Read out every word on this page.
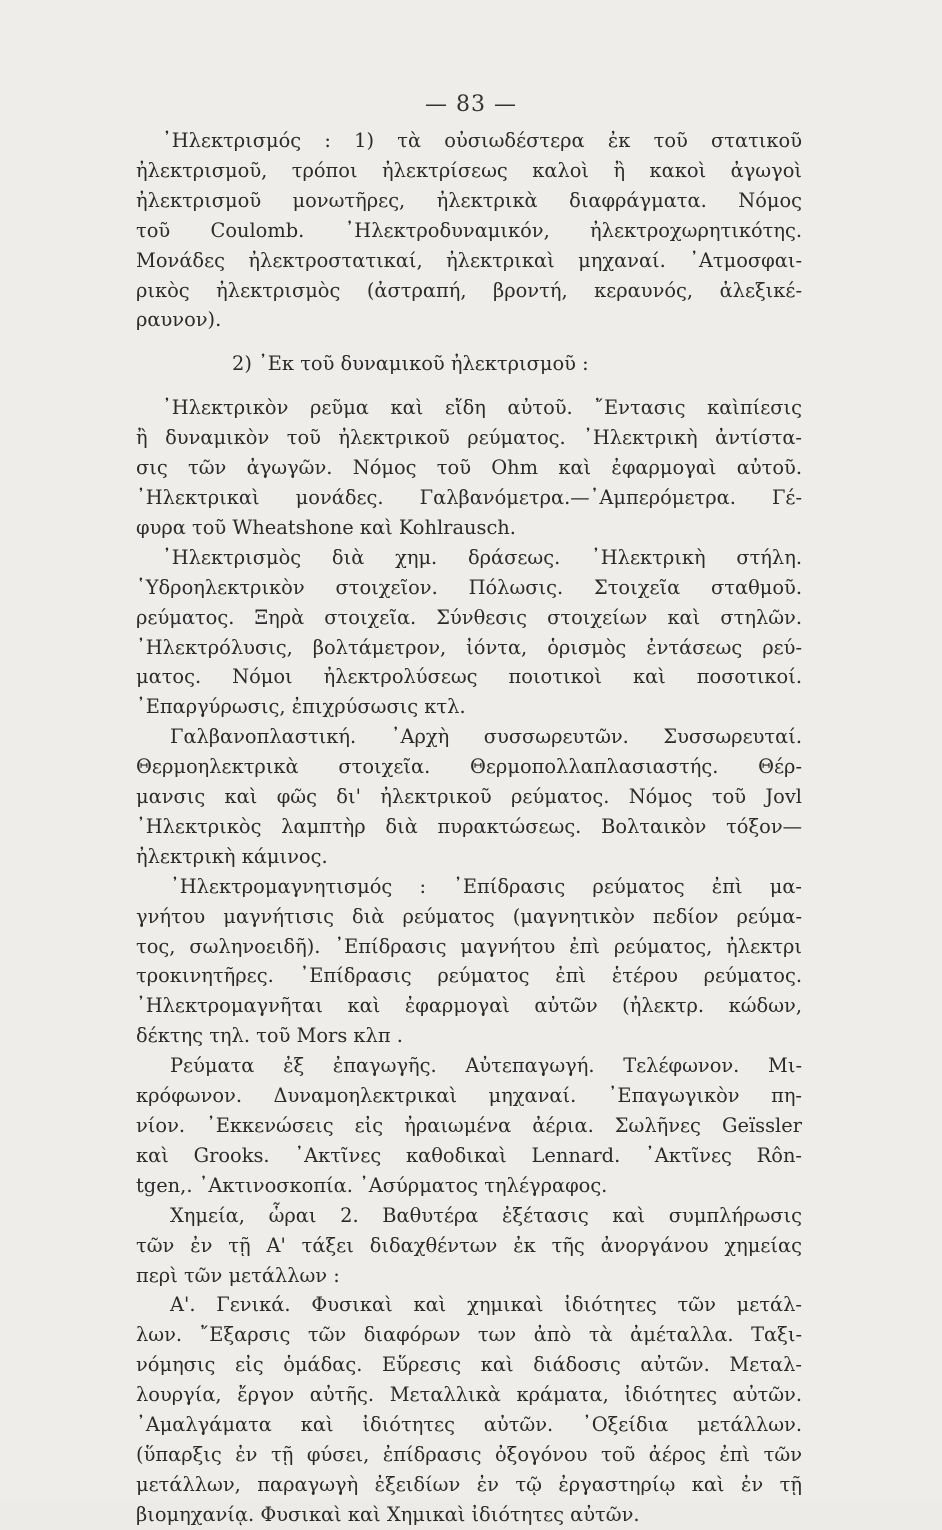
— 83 —
᾿Ηλεκτρισμός : 1) τὰ οὐσιωδέστερα ἐκ τοῦ στατικοῦ
ἠλεκτρισμοῦ, τρόποι ἠλεκτρίσεως καλοὶ ἢ κακοὶ ἀγωγοὶ
ἠλεκτρισμοῦ μονωτῆρες, ἠλεκτρικὰ διαφράγματα. Νόμος
τοῦ Coulomb. ᾿Ηλεκτροδυναμικόν, ἠλεκτροχωρητικότης.
Μονάδες ἠλεκτροστατικαί, ἠλεκτρικαὶ μηχαναί. ᾿Ατμοσφαι-
ρικὸς ἠλεκτρισμὸς (ἀστραπή, βροντή, κεραυνός, ἀλεξικέ-
ραυνον).
2) ᾿Εκ τοῦ δυναμικοῦ ἠλεκτρισμοῦ :
᾿Ηλεκτρικὸν ρεῦμα καὶ εἴδη αὐτοῦ. ῎Εντασις καὶπίεσις
ἢ δυναμικὸν τοῦ ἠλεκτρικοῦ ρεύματος. ᾿Ηλεκτρικὴ ἀντίστα-
σις τῶν ἀγωγῶν. Νόμος τοῦ Ohm καὶ ἐφαρμογαὶ αὐτοῦ.
᾿Ηλεκτρικαὶ μονάδες. Γαλβανόμετρα.—᾿Αμπερόμετρα. Γέ-
φυρα τοῦ Wheatshone καὶ Kohlrausch.
᾿Ηλεκτρισμὸς διὰ χημ. δράσεως. ᾿Ηλεκτρικὴ στήλη.
῾Υδροηλεκτρικὸν στοιχεῖον. Πόλωσις. Στοιχεῖα σταθμοῦ.
ρεύματος. Ξηρὰ στοιχεῖα. Σύνθεσις στοιχείων καὶ στηλῶν.
᾿Ηλεκτρόλυσις, βολτάμετρον, ἰόντα, ὁρισμὸς ἐντάσεως ρεύ-
ματος. Νόμοι ἠλεκτρολύσεως ποιοτικοὶ καὶ ποσοτικοί.
᾿Επαργύρωσις, ἐπιχρύσωσις κτλ.
Γαλβανοπλαστική. ᾿Αρχὴ συσσωρευτῶν. Συσσωρευταί.
Θερμοηλεκτρικὰ στοιχεῖα. Θερμοπολλαπλασιαστής. Θέρ-
μανσις καὶ φῶς δι' ἠλεκτρικοῦ ρεύματος. Νόμος τοῦ Jovl
᾿Ηλεκτρικὸς λαμπτὴρ διὰ πυρακτώσεως. Βολταικὸν τόξον—
ἠλεκτρικὴ κάμινος.
᾿Ηλεκτρομαγνητισμός : ᾿Επίδρασις ρεύματος ἐπὶ μα-
γνήτου μαγνήτισις διὰ ρεύματος (μαγνητικὸν πεδίον ρεύμα-
τος, σωληνοειδῆ). ᾿Επίδρασις μαγνήτου ἐπὶ ρεύματος, ἠλεκτρι
τροκινητῆρες. ᾿Επίδρασις ρεύματος ἐπὶ ἑτέρου ρεύματος.
᾿Ηλεκτρομαγνῆται καὶ ἐφαρμογαὶ αὐτῶν (ἠλεκτρ. κώδων,
δέκτης τηλ. τοῦ Mors κλπ .
Ρεύματα ἐξ ἐπαγωγῆς. Αὐτεπαγωγή. Τελέφωνον. Μι-
κρόφωνον. Δυναμοηλεκτρικαὶ μηχαναί. ᾿Επαγωγικὸν πη-
νίον. ᾿Εκκενώσεις εἰς ἠραιωμένα ἀέρια. Σωλῆνες Geïssler
καὶ Grooks. ᾿Ακτῖνες καθοδικαὶ Lennard. ᾿Ακτῖνες Rôn-
tgen,. ᾿Ακτινοσκοπία. ᾿Ασύρματος τηλέγραφος.
Χημεία, ὧραι 2. Βαθυτέρα ἐξέτασις καὶ συμπλήρωσις
τῶν ἐν τῇ Α' τάξει διδαχθέντων ἐκ τῆς ἀνοργάνου χημείας
περὶ τῶν μετάλλων :
Α'. Γενικά. Φυσικαὶ καὶ χημικαὶ ἰδιότητες τῶν μετάλ-
λων. ῎Εξαρσις τῶν διαφόρων των ἀπὸ τὰ ἀμέταλλα. Ταξι-
νόμησις εἰς ὁμάδας. Εὕρεσις καὶ διάδοσις αὐτῶν. Μεταλ-
λουργία, ἔργον αὐτῆς. Μεταλλικὰ κράματα, ἰδιότητες αὐτῶν.
᾿Αμαλγάματα καὶ ἰδιότητες αὐτῶν. ᾿Οξείδια μετάλλων.
(ὕπαρξις ἐν τῇ φύσει, ἐπίδρασις ὀξογόνου τοῦ ἀέρος ἐπὶ τῶν
μετάλλων, παραγωγὴ ἐξειδίων ἐν τῷ ἐργαστηρίῳ καὶ ἐν τῇ
βιομηχανίᾳ. Φυσικαὶ καὶ Χημικαὶ ἰδιότητες αὐτῶν.
